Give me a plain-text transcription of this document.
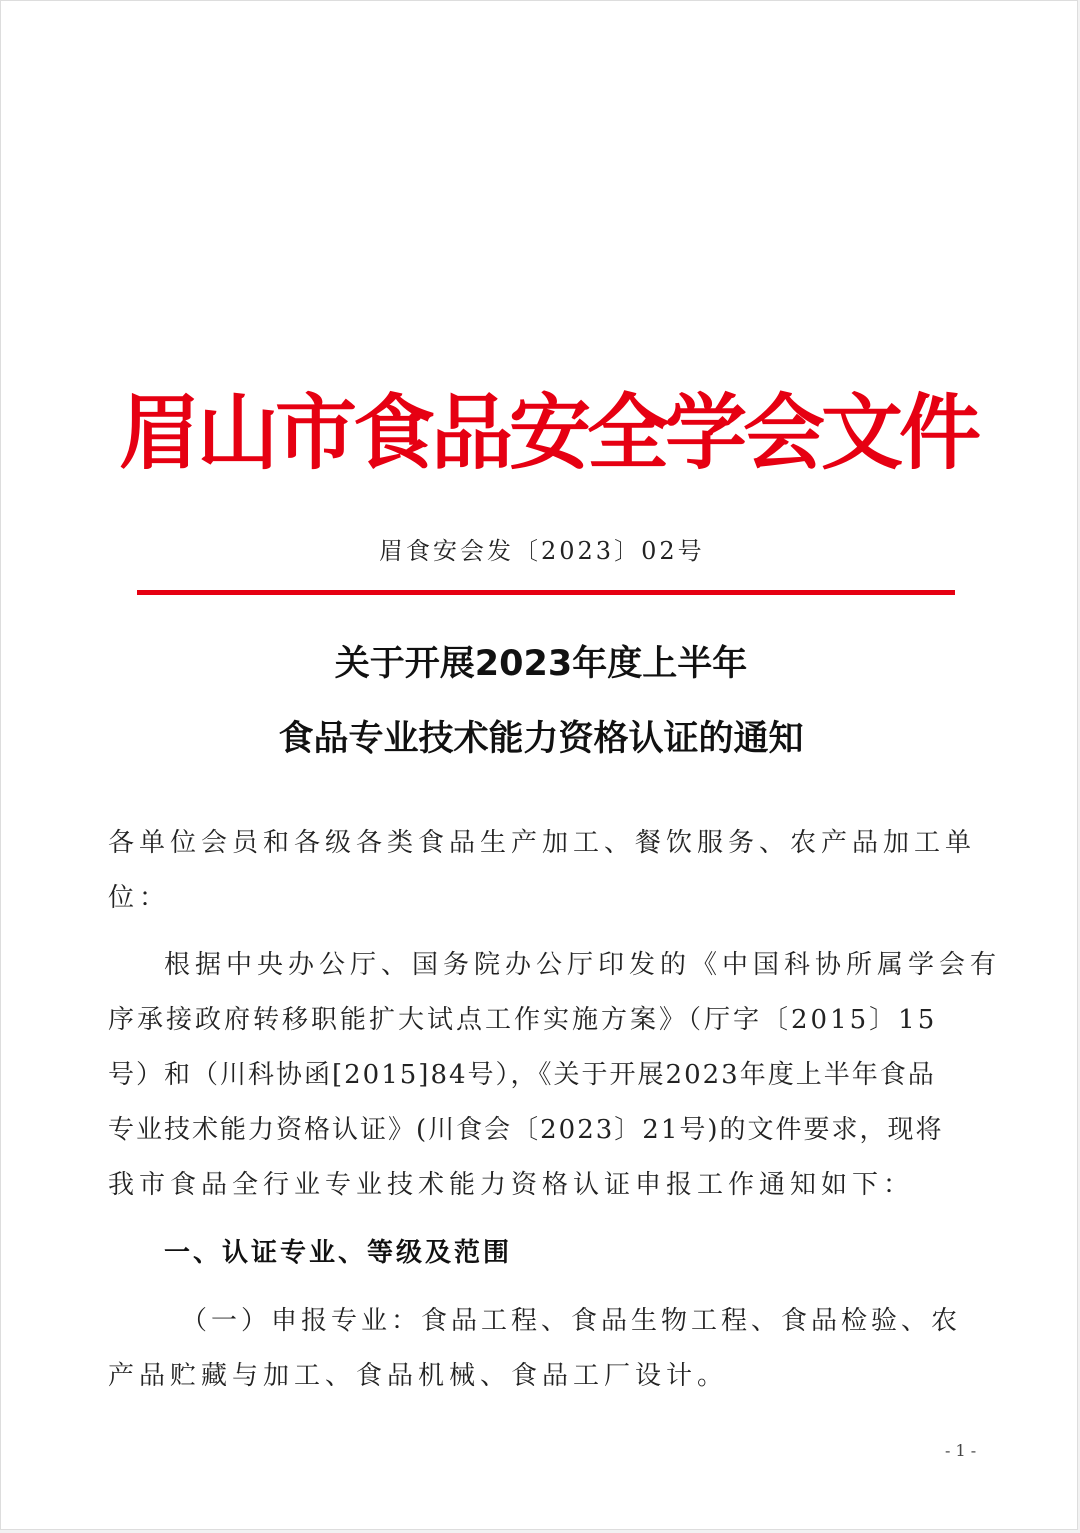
眉山市食品安全学会文件
眉食安会发〔2023〕02号
关于开展2023年度上半年
食品专业技术能力资格认证的通知
各单位会员和各级各类食品生产加工、餐饮服务、农产品加工单
位：
根据中央办公厅、国务院办公厅印发的《中国科协所属学会有
序承接政府转移职能扩大试点工作实施方案》（厅字〔2015〕15
号）和（川科协函[2015]84号），《关于开展2023年度上半年食品
专业技术能力资格认证》(川食会〔2023〕21号)的文件要求，现将
我市食品全行业专业技术能力资格认证申报工作通知如下：
一、认证专业、等级及范围
（一）申报专业：食品工程、食品生物工程、食品检验、农
产品贮藏与加工、食品机械、食品工厂设计。
- 1 -
